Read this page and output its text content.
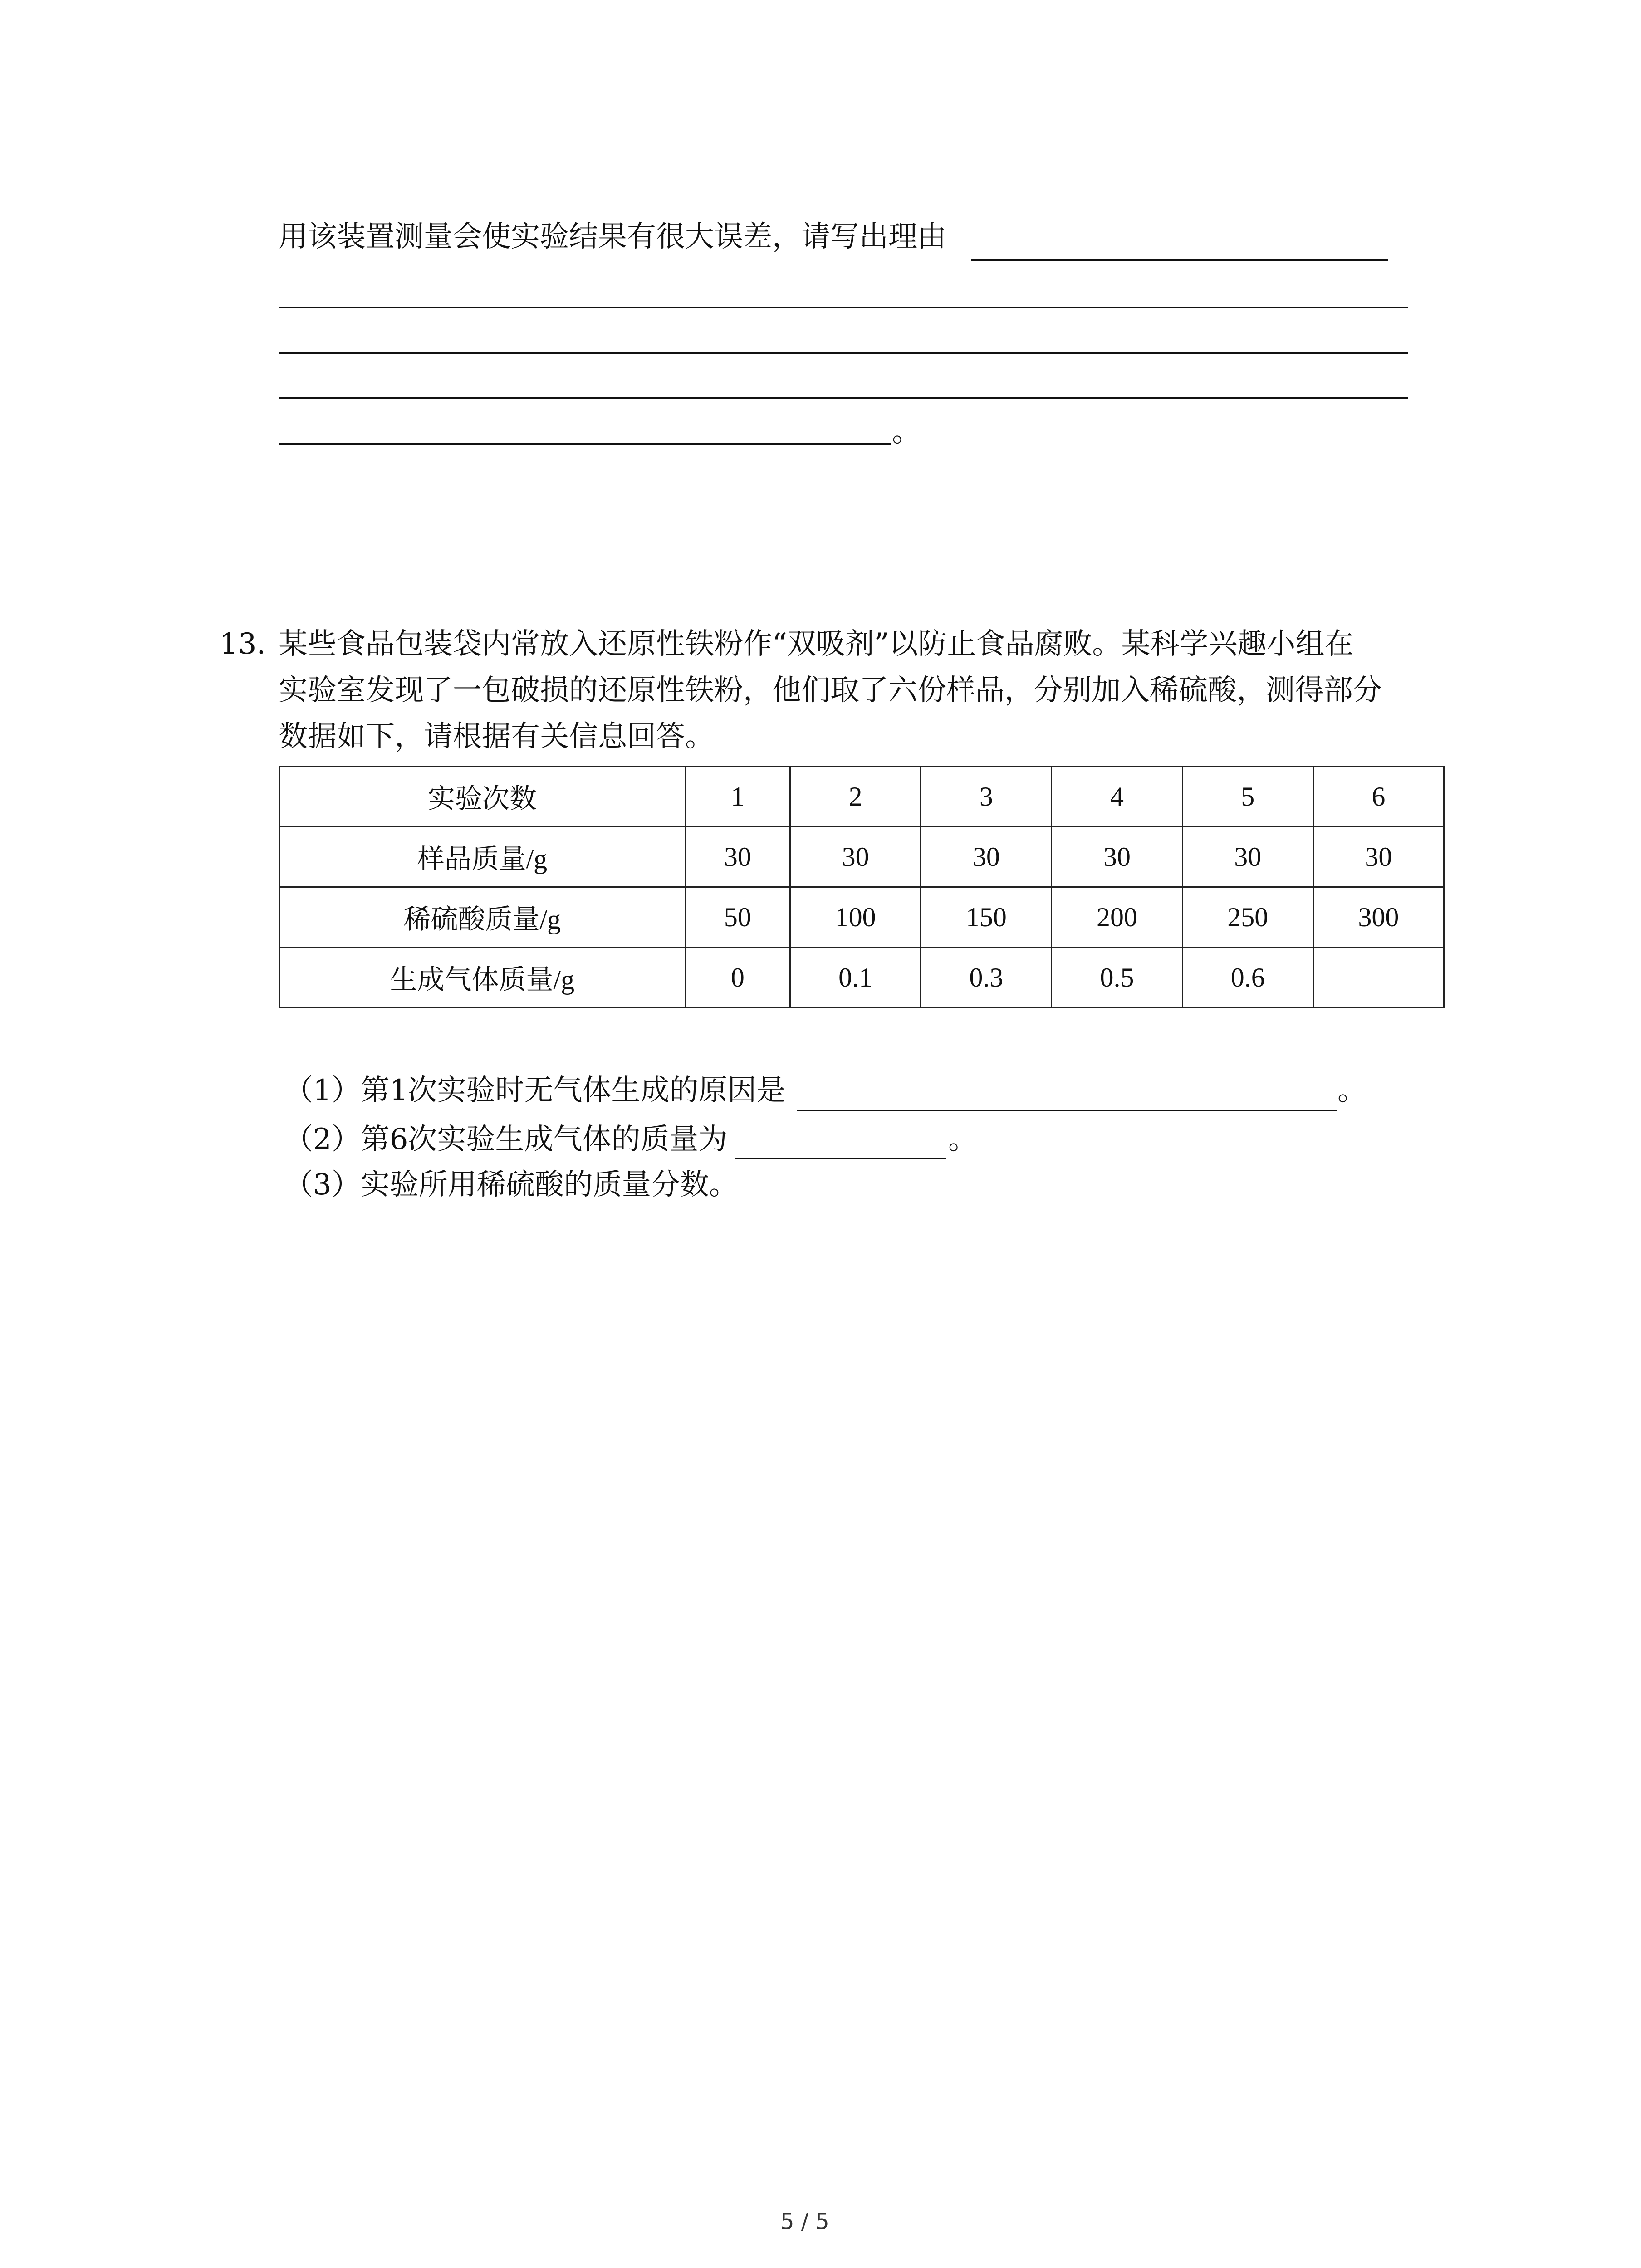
用该装置测量会使实验结果有很大误差，请写出理由
。
13. 某些食品包装袋内常放入还原性铁粉作“双吸剂”以防止食品腐败。某科学兴趣小组在
实验室发现了一包破损的还原性铁粉，他们取了六份样品，分别加入稀硫酸，测得部分
数据如下，请根据有关信息回答。
实验次数	1	2	3	4	5	6
样品质量/g	30	30	30	30	30	30
稀硫酸质量/g	50	100	150	200	250	300
生成气体质量/g	0	0.1	0.3	0.5	0.6	
（1）第1次实验时无气体生成的原因是	。
（2）第6次实验生成气体的质量为	。
（3）实验所用稀硫酸的质量分数。
5 / 5
